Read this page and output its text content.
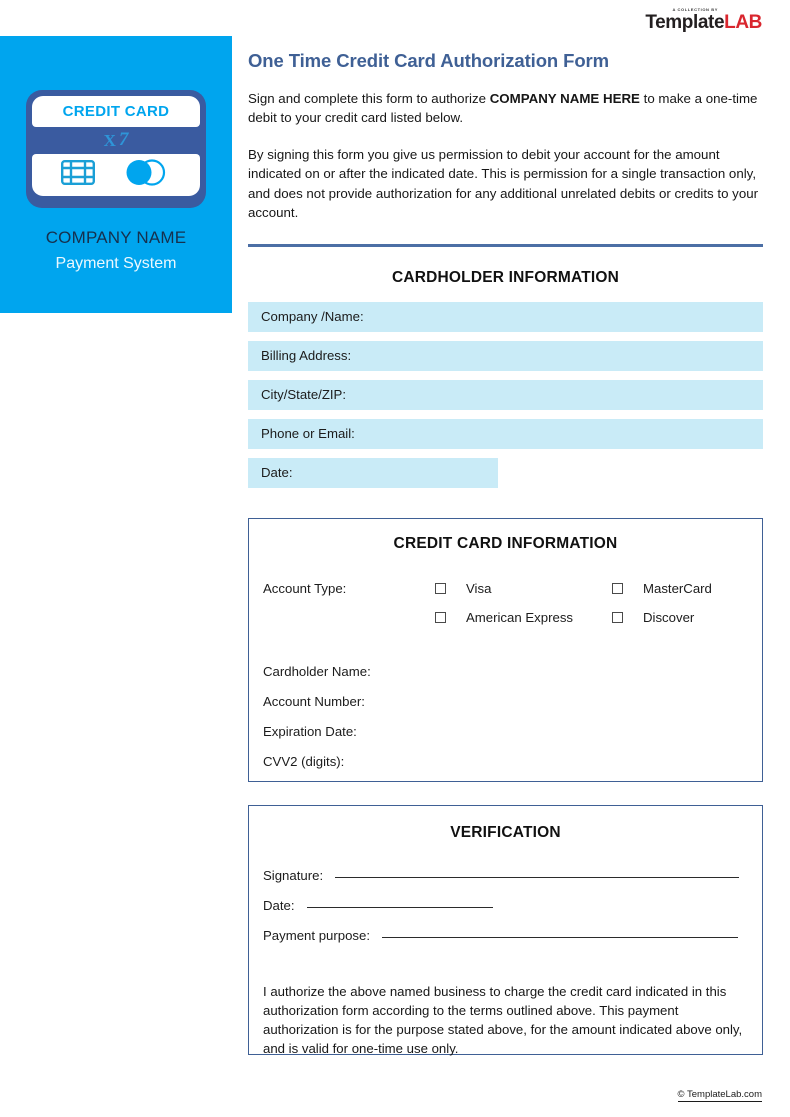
A COLLECTION BY
TemplateLAB
CREDIT CARD
X 7
COMPANY NAME
Payment System
One Time Credit Card Authorization Form

Sign and complete this form to authorize COMPANY NAME HERE to make a one-time debit to your credit card listed below.

By signing this form you give us permission to debit your account for the amount indicated on or after the indicated date. This is permission for a single transaction only, and does not provide authorization for any additional unrelated debits or credits to your account.

CARDHOLDER INFORMATION
Company /Name:
Billing Address:
City/State/ZIP:
Phone or Email:
Date:
CREDIT CARD INFORMATION
Account Type:	Visa	MasterCard
American Express	Discover
Cardholder Name:
Account Number:
Expiration Date:
CVV2 (digits):
VERIFICATION
Signature:
Date:
Payment purpose:

I authorize the above named business to charge the credit card indicated in this authorization form according to the terms outlined above. This payment authorization is for the purpose stated above, for the amount indicated above only, and is valid for one-time use only.

© TemplateLab.com
